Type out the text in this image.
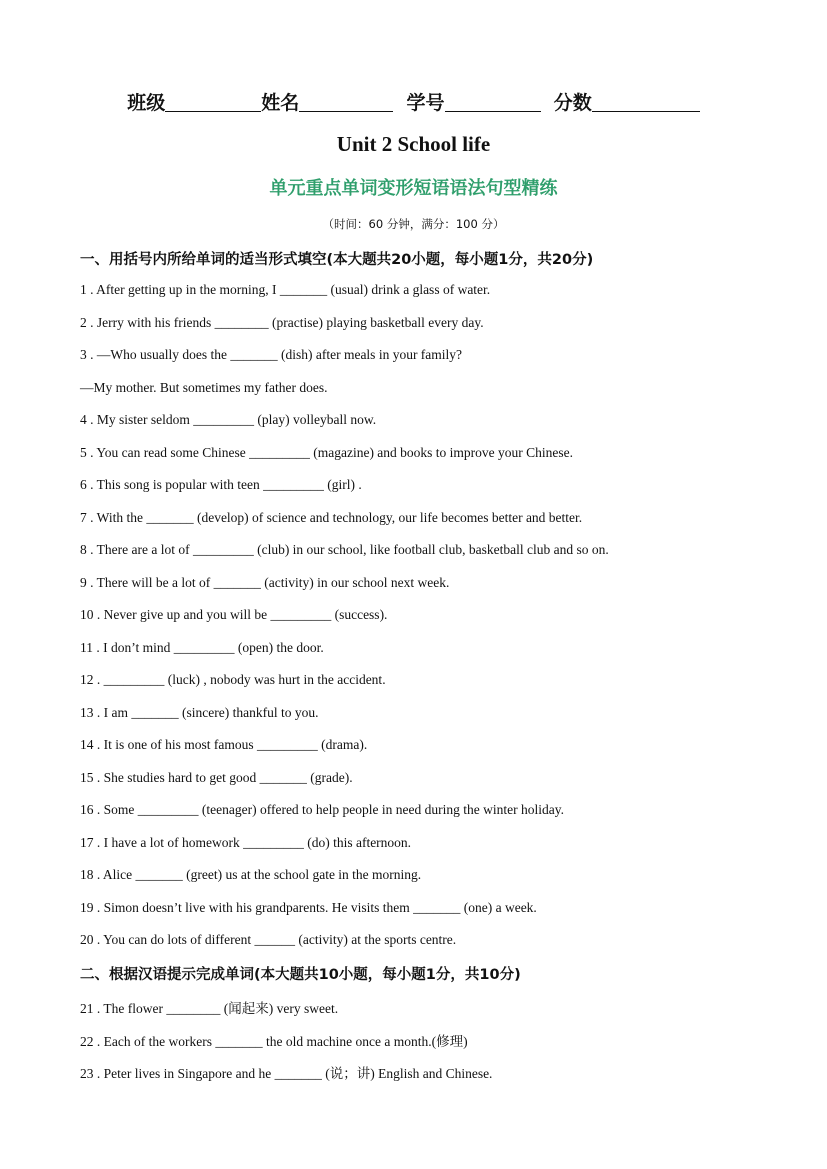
班级	姓名	学号	分数
Unit 2 School life
单元重点单词变形短语语法句型精练
（时间：60 分钟，满分：100 分）
一、用括号内所给单词的适当形式填空(本大题共20小题，每小题1分，共20分)
1 . After getting up in the morning, I _______ (usual) drink a glass of water.
2 . Jerry with his friends ________ (practise) playing basketball every day.
3 . —Who usually does the _______ (dish) after meals in your family?
—My mother. But sometimes my father does.
4 . My sister seldom _________ (play) volleyball now.
5 . You can read some Chinese _________ (magazine) and books to improve your Chinese.
6 . This song is popular with teen _________ (girl) .
7 . With the _______ (develop) of science and technology, our life becomes better and better.
8 . There are a lot of _________ (club) in our school, like football club, basketball club and so on.
9 . There will be a lot of _______ (activity) in our school next week.
10 . Never give up and you will be _________ (success).
11 . I don’t mind _________ (open) the door.
12 . _________ (luck) , nobody was hurt in the accident.
13 . I am _______ (sincere) thankful to you.
14 . It is one of his most famous _________ (drama).
15 . She studies hard to get good _______ (grade).
16 . Some _________ (teenager) offered to help people in need during the winter holiday.
17 . I have a lot of homework _________ (do) this afternoon.
18 . Alice _______ (greet) us at the school gate in the morning.
19 . Simon doesn’t live with his grandparents. He visits them _______ (one) a week.
20 . You can do lots of different ______ (activity) at the sports centre.
二、根据汉语提示完成单词(本大题共10小题，每小题1分，共10分)
21 . The flower ________ (闻起来) very sweet.
22 . Each of the workers _______ the old machine once a month.(修理)
23 . Peter lives in Singapore and he _______ (说；讲) English and Chinese.
